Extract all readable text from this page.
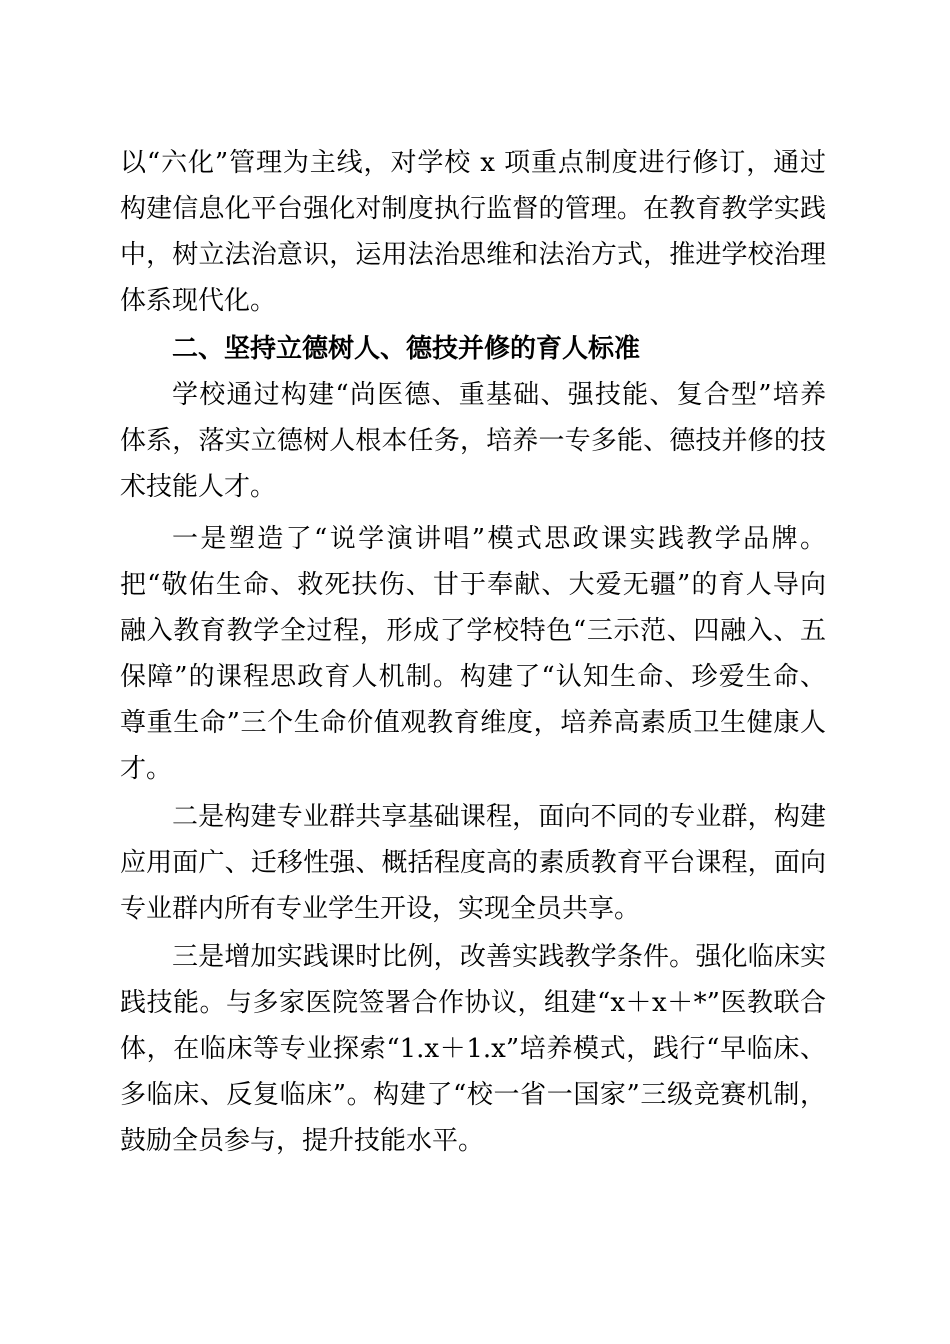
以“六化”管理为主线，对学校 x 项重点制度进行修订，通过
构建信息化平台强化对制度执行监督的管理。在教育教学实践
中，树立法治意识，运用法治思维和法治方式，推进学校治理
体系现代化。
二、坚持立德树人、德技并修的育人标准
学校通过构建“尚医德、重基础、强技能、复合型”培养
体系，落实立德树人根本任务，培养一专多能、德技并修的技
术技能人才。
一是塑造了“说学演讲唱”模式思政课实践教学品牌。
把“敬佑生命、救死扶伤、甘于奉献、大爱无疆”的育人导向
融入教育教学全过程，形成了学校特色“三示范、四融入、五
保障”的课程思政育人机制。构建了“认知生命、珍爱生命、
尊重生命”三个生命价值观教育维度，培养高素质卫生健康人
才。
二是构建专业群共享基础课程，面向不同的专业群，构建
应用面广、迁移性强、概括程度高的素质教育平台课程，面向
专业群内所有专业学生开设，实现全员共享。
三是增加实践课时比例，改善实践教学条件。强化临床实
践技能。与多家医院签署合作协议，组建“x＋x＋*”医教联合
体，在临床等专业探索“1.x＋1.x”培养模式，践行“早临床、
多临床、反复临床”。构建了“校一省一国家”三级竞赛机制，
鼓励全员参与，提升技能水平。
